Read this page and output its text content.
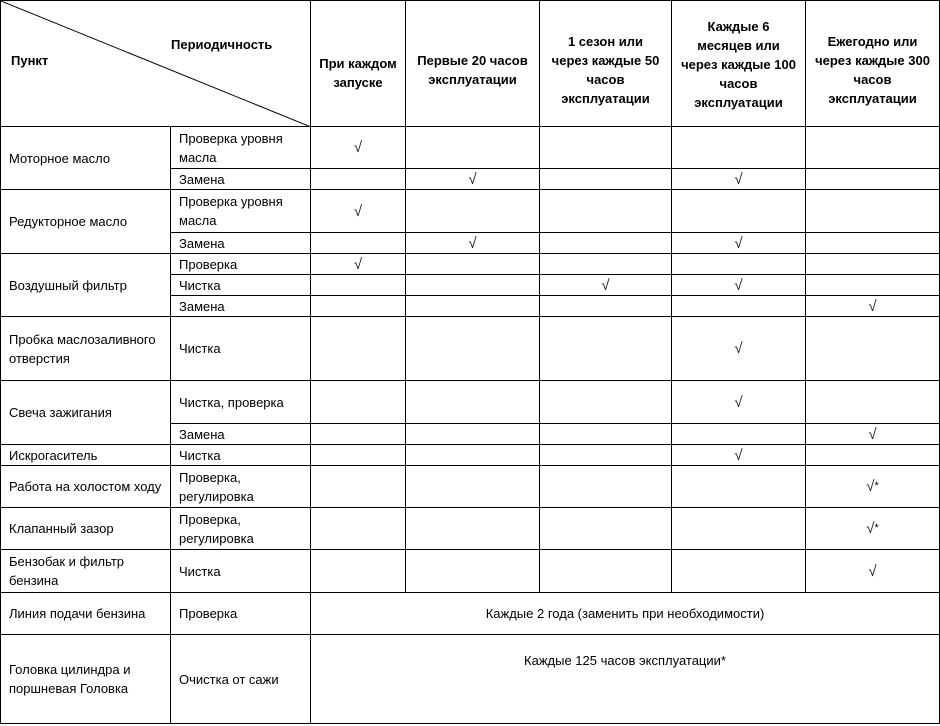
Периодичность
Пункт		При каждом запуске	Первые 20 часов эксплуатации	1 сезон или через каждые 50 часов эксплуатации	Каждые 6 месяцев или через каждые 100 часов эксплуатации	Ежегодно или через каждые 300 часов эксплуатации
Моторное масло	Проверка уровня масла	√				
	Замена		√		√	
Редукторное масло	Проверка уровня масла	√				
	Замена		√		√	
Воздушный фильтр	Проверка	√				
	Чистка			√	√	
	Замена					√
Пробка маслозаливного отверстия	Чистка				√	
Свеча зажигания	Чистка, проверка				√	
	Замена					√
Искрогаситель	Чистка				√	
Работа на холостом ходу	Проверка, регулировка					√*
Клапанный зазор	Проверка, регулировка					√*
Бензобак и фильтр бензина	Чистка					√
Линия подачи бензина	Проверка	Каждые 2 года (заменить при необходимости)				
Головка цилиндра и поршневая Головка	Очистка от сажи	Каждые 125 часов эксплуатации*				
